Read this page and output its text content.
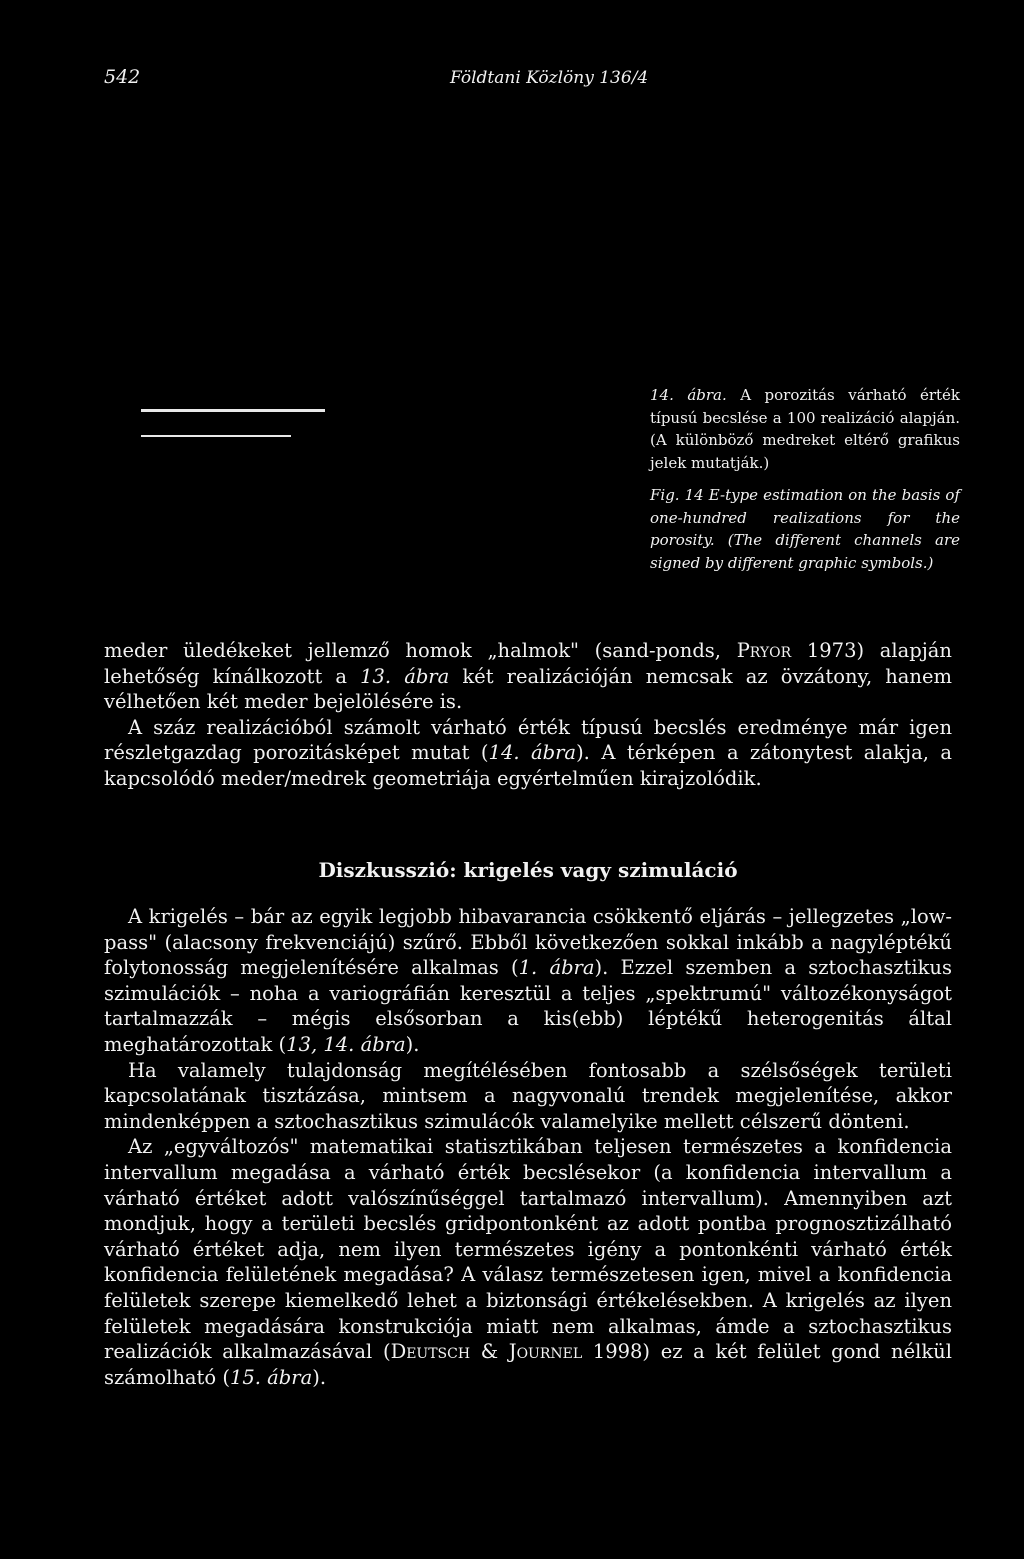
542	Földtani Közlöny 136/4
14. ábra. A porozitás várható érték típusú becslése a 100 realizáció alapján. (A különböző medreket eltérő grafikus jelek mutatják.)
Fig. 14 E-type estimation on the basis of one-hundred realizations for the porosity. (The different channels are signed by different graphic symbols.)

meder üledékeket jellemző homok „halmok" (sand-ponds, Pryor 1973) alapján lehetőség kínálkozott a 13. ábra két realizációján nemcsak az övzátony, hanem vélhetően két meder bejelölésére is.

A száz realizációból számolt várható érték típusú becslés eredménye már igen részletgazdag porozitásképet mutat (14. ábra). A térképen a zátonytest alakja, a kapcsolódó meder/medrek geometriája egyértelműen kirajzolódik.

Diszkusszió: krigelés vagy szimuláció

A krigelés – bár az egyik legjobb hibavarancia csökkentő eljárás – jellegzetes „low-pass" (alacsony frekvenciájú) szűrő. Ebből következően sokkal inkább a nagyléptékű folytonosság megjelenítésére alkalmas (1. ábra). Ezzel szemben a sztochasztikus szimulációk – noha a variográfián keresztül a teljes „spektrumú" változékonyságot tartalmazzák – mégis elsősorban a kis(ebb) léptékű heterogenitás által meghatározottak (13, 14. ábra).

Ha valamely tulajdonság megítélésében fontosabb a szélsőségek területi kapcsolatának tisztázása, mintsem a nagyvonalú trendek megjelenítése, akkor mindenképpen a sztochasztikus szimulácók valamelyike mellett célszerű dönteni.

Az „egyváltozós" matematikai statisztikában teljesen természetes a konfidencia intervallum megadása a várható érték becslésekor (a konfidencia intervallum a várható értéket adott valószínűséggel tartalmazó intervallum). Amennyiben azt mondjuk, hogy a területi becslés gridpontonként az adott pontba prognosztizálható várható értéket adja, nem ilyen természetes igény a pontonkénti várható érték konfidencia felületének megadása? A válasz természetesen igen, mivel a konfidencia felületek szerepe kiemelkedő lehet a biztonsági értékelésekben. A krigelés az ilyen felületek megadására konstrukciója miatt nem alkalmas, ámde a sztochasztikus realizációk alkalmazásával (Deutsch & Journel 1998) ez a két felület gond nélkül számolható (15. ábra).
